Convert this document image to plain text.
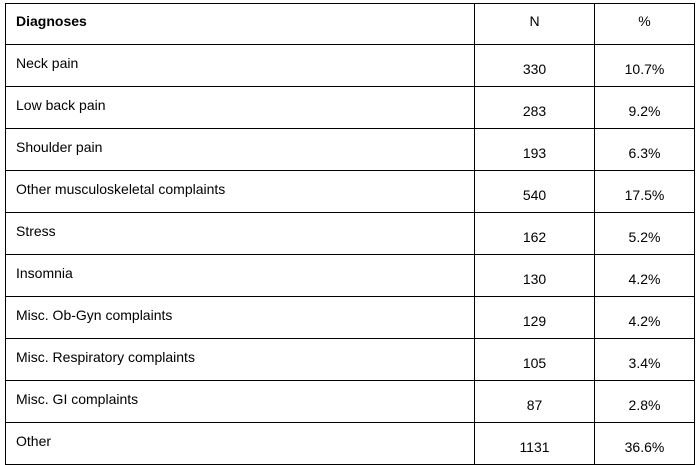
Diagnoses	N	%
Neck pain	330	10.7%
Low back pain	283	9.2%
Shoulder pain	193	6.3%
Other musculoskeletal complaints	540	17.5%
Stress	162	5.2%
Insomnia	130	4.2%
Misc. Ob-Gyn complaints	129	4.2%
Misc. Respiratory complaints	105	3.4%
Misc. GI complaints	87	2.8%
Other	1131	36.6%
